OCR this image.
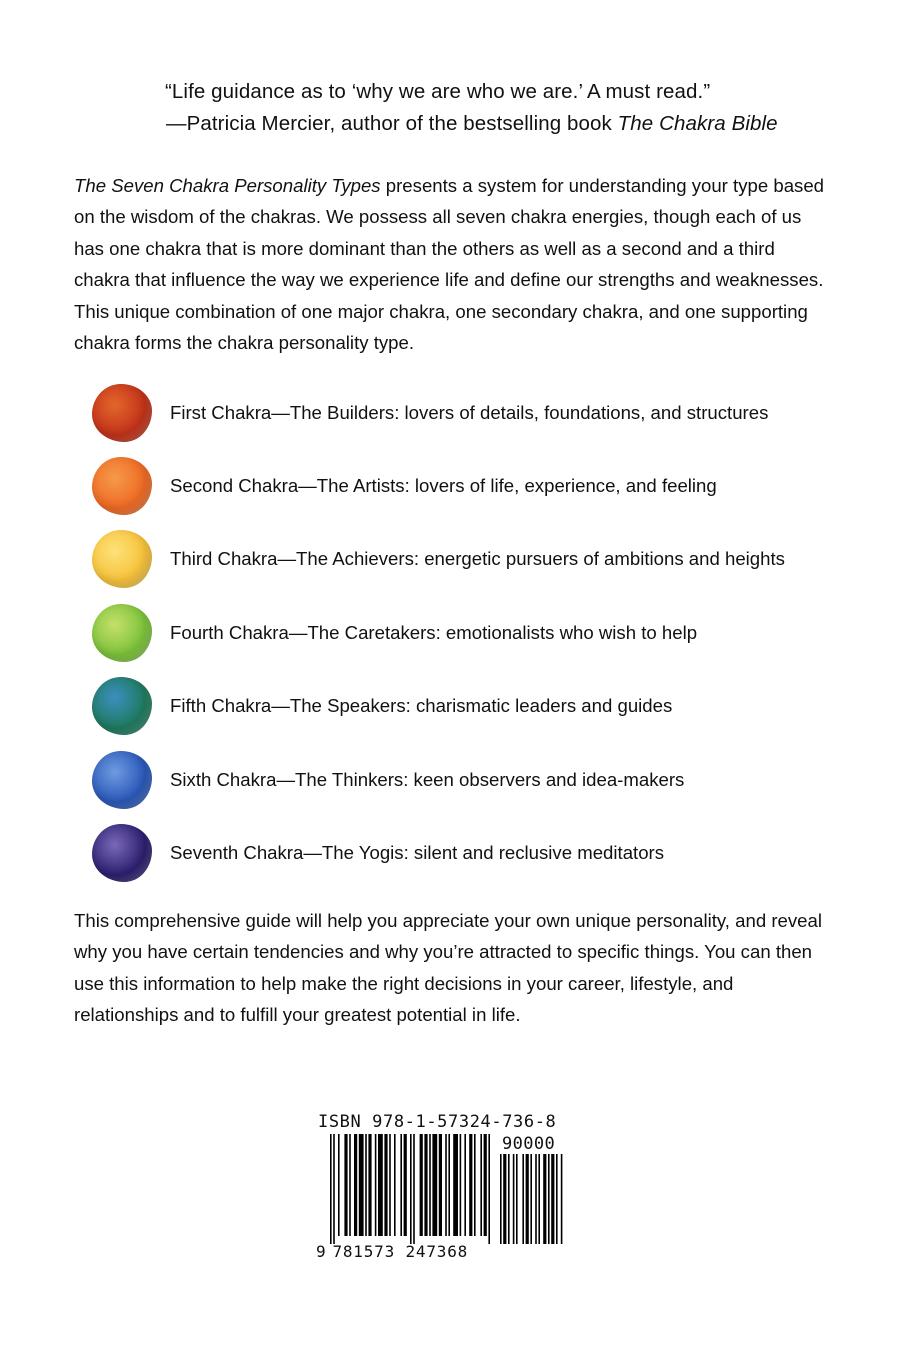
“Life guidance as to ‘why we are who we are.’ A must read.”
—Patricia Mercier, author of the bestselling book The Chakra Bible

The Seven Chakra Personality Types presents a system for understanding your type based on the wisdom of the chakras. We possess all seven chakra energies, though each of us has one chakra that is more dominant than the others as well as a second and a third chakra that influence the way we experience life and define our strengths and weaknesses. This unique combination of one major chakra, one secondary chakra, and one supporting chakra forms the chakra personality type.

First Chakra—The Builders: lovers of details, foundations, and structures
Second Chakra—The Artists: lovers of life, experience, and feeling
Third Chakra—The Achievers: energetic pursuers of ambitions and heights
Fourth Chakra—The Caretakers: emotionalists who wish to help
Fifth Chakra—The Speakers: charismatic leaders and guides
Sixth Chakra—The Thinkers: keen observers and idea-makers
Seventh Chakra—The Yogis: silent and reclusive meditators

This comprehensive guide will help you appreciate your own unique personality, and reveal why you have certain tendencies and why you’re attracted to specific things. You can then use this information to help make the right decisions in your career, lifestyle, and relationships and to fulfill your greatest potential in life.

ISBN 978-1-57324-736-8
90000
9 781573 247368
